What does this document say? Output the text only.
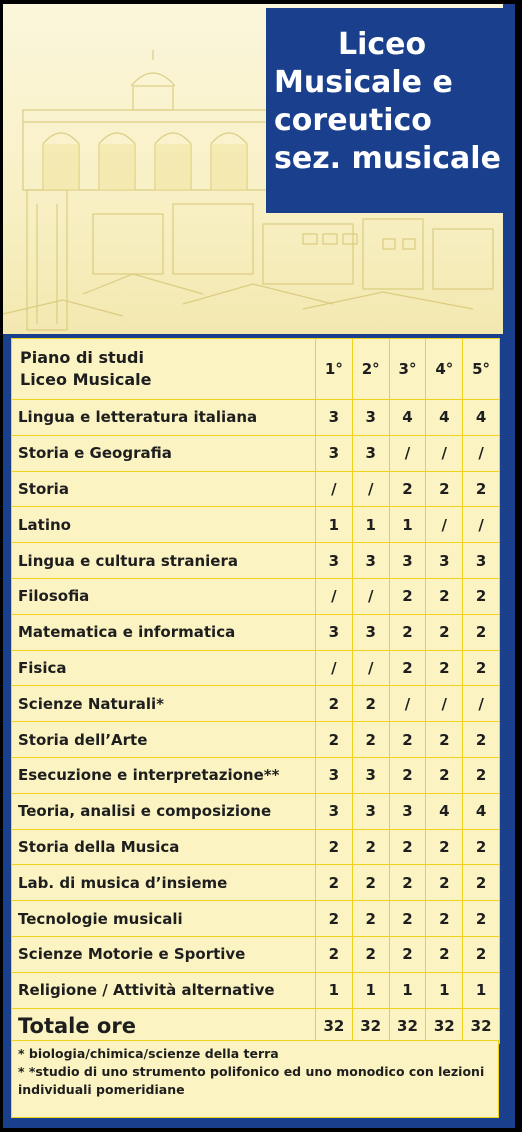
Liceo
Musicale e
coreutico
sez. musicale
Piano di studi
Liceo Musicale	1°	2°	3°	4°	5°
Lingua e letteratura italiana	3	3	4	4	4
Storia e Geografia	3	3	/	/	/
Storia	/	/	2	2	2
Latino	1	1	1	/	/
Lingua e cultura straniera	3	3	3	3	3
Filosofia	/	/	2	2	2
Matematica e informatica	3	3	2	2	2
Fisica	/	/	2	2	2
Scienze Naturali*	2	2	/	/	/
Storia dell’Arte	2	2	2	2	2
Esecuzione e interpretazione**	3	3	2	2	2
Teoria, analisi e composizione	3	3	3	4	4
Storia della Musica	2	2	2	2	2
Lab. di musica d’insieme	2	2	2	2	2
Tecnologie musicali	2	2	2	2	2
Scienze Motorie e Sportive	2	2	2	2	2
Religione / Attività alternative	1	1	1	1	1
Totale ore	32	32	32	32	32
* biologia/chimica/scienze della terra
* *studio di uno strumento polifonico ed uno monodico con lezioni
individuali pomeridiane
